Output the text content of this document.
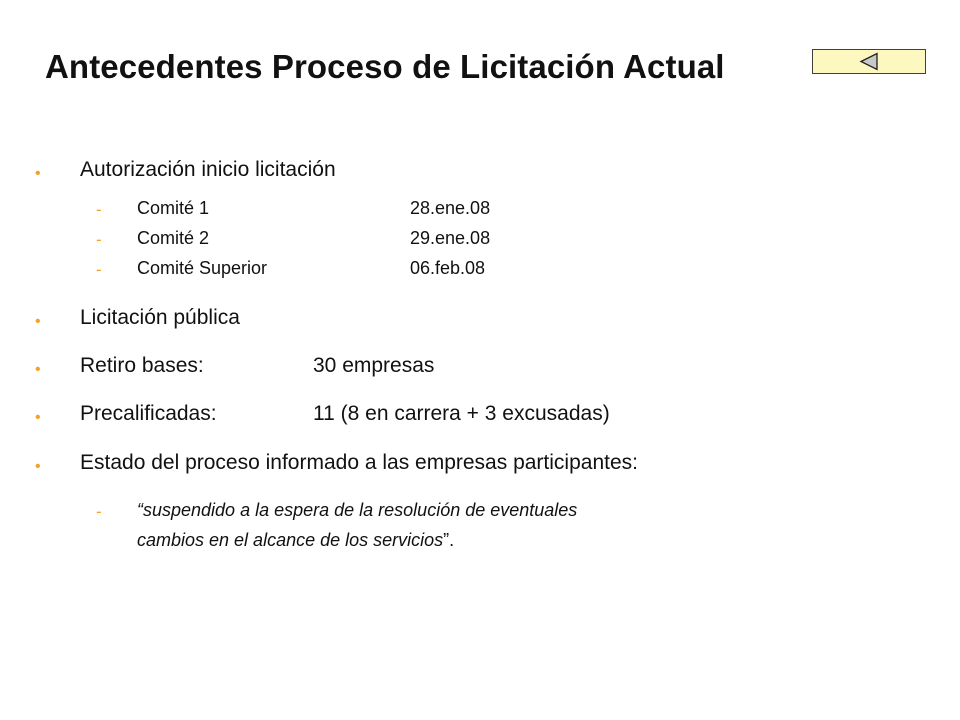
Antecedentes Proceso de Licitación Actual
• Autorización inicio licitación
- Comité 1	28.ene.08
- Comité 2	29.ene.08
- Comité Superior	06.feb.08
• Licitación pública
• Retiro bases:	30 empresas
• Precalificadas:	11 (8 en carrera + 3 excusadas)
• Estado del proceso informado a las empresas participantes:
- “suspendido a la espera de la resolución de eventuales
cambios en el alcance de los servicios”.
